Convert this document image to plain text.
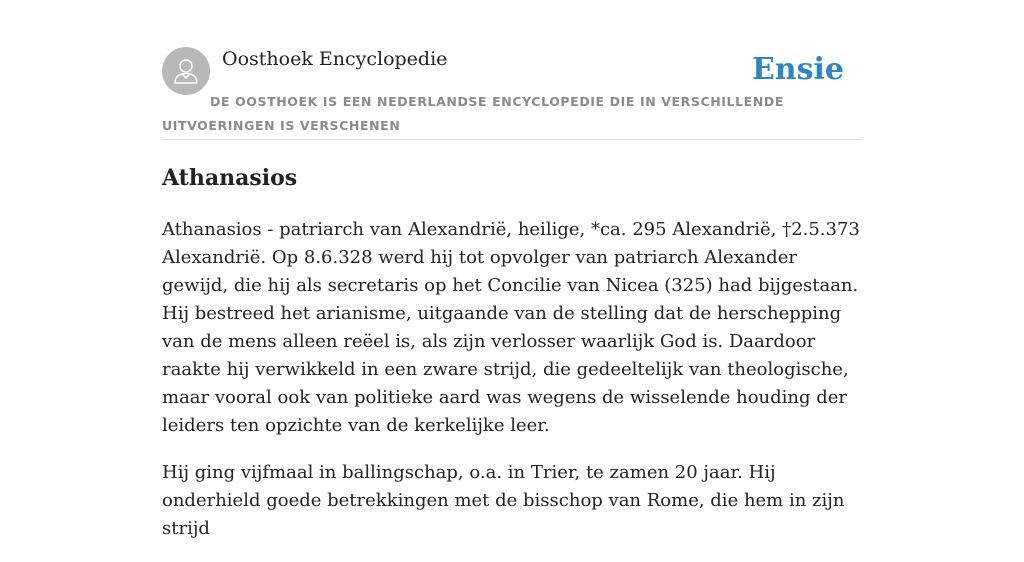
Oosthoek Encyclopedie	Ensie
DE OOSTHOEK IS EEN NEDERLANDSE ENCYCLOPEDIE DIE IN VERSCHILLENDE UITVOERINGEN IS VERSCHENEN
Athanasios

Athanasios - patriarch van Alexandrië, heilige, *ca. 295 Alexandrië, †2.5.373 Alexandrië. Op 8.6.328 werd hij tot opvolger van patriarch Alexander gewijd, die hij als secretaris op het Concilie van Nicea (325) had bijgestaan. Hij bestreed het arianisme, uitgaande van de stelling dat de herschepping van de mens alleen reëel is, als zijn verlosser waarlijk God is. Daardoor raakte hij verwikkeld in een zware strijd, die gedeeltelijk van theologische, maar vooral ook van politieke aard was wegens de wisselende houding der leiders ten opzichte van de kerkelijke leer.

Hij ging vijfmaal in ballingschap, o.a. in Trier, te zamen 20 jaar. Hij onderhield goede betrekkingen met de bisschop van Rome, die hem in zijn strijd
